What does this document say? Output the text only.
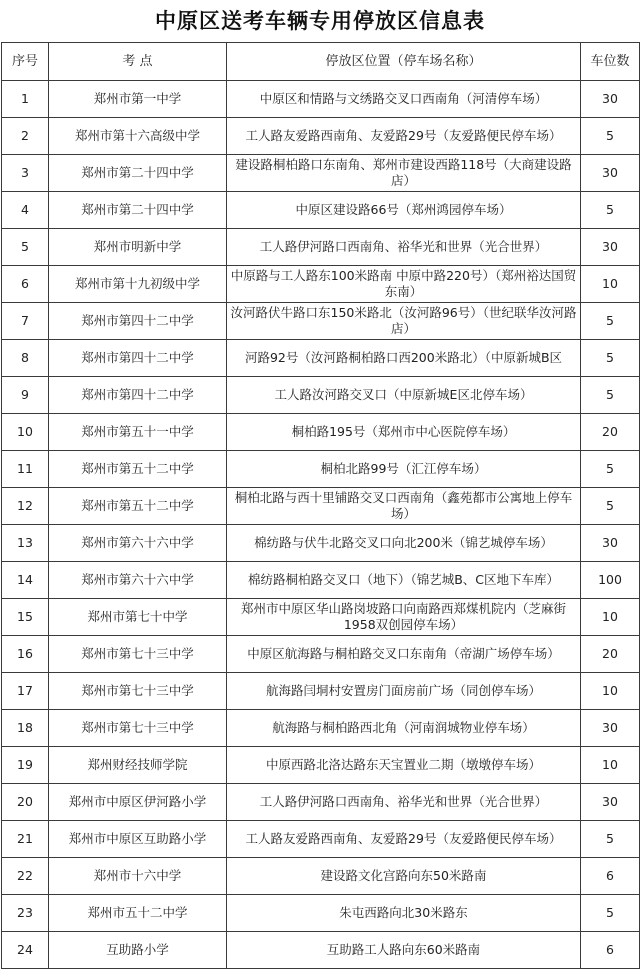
中原区送考车辆专用停放区信息表
序号	考 点	停放区位置（停车场名称）	车位数
1	郑州市第一中学	中原区和情路与文绣路交叉口西南角（河清停车场）	30
2	郑州市第十六高级中学	工人路友爱路西南角、友爱路29号（友爱路便民停车场）	5
3	郑州市第二十四中学	建设路桐柏路口东南角、郑州市建设西路118号（大商建设路店）	30
4	郑州市第二十四中学	中原区建设路66号（郑州鸿园停车场）	5
5	郑州市明新中学	工人路伊河路口西南角、裕华光和世界（光合世界）	30
6	郑州市第十九初级中学	中原路与工人路东100米路南 中原中路220号）（郑州裕达国贸东南）	10
7	郑州市第四十二中学	汝河路伏牛路口东150米路北（汝河路96号）（世纪联华汝河路店）	5
8	郑州市第四十二中学	河路92号（汝河路桐柏路口西200米路北）（中原新城B区	5
9	郑州市第四十二中学	工人路汝河路交叉口（中原新城E区北停车场）	5
10	郑州市第五十一中学	桐柏路195号（郑州市中心医院停车场）	20
11	郑州市第五十二中学	桐柏北路99号（汇江停车场）	5
12	郑州市第五十二中学	桐柏北路与西十里铺路交叉口西南角（鑫苑都市公寓地上停车场）	5
13	郑州市第六十六中学	棉纺路与伏牛北路交叉口向北200米（锦艺城停车场）	30
14	郑州市第六十六中学	棉纺路桐柏路交叉口（地下）（锦艺城B、C区地下车库）	100
15	郑州市第七十中学	郑州市中原区华山路岗坡路口向南路西郑煤机院内（芝麻街1958双创园停车场）	10
16	郑州市第七十三中学	中原区航海路与桐柏路交叉口东南角（帝湖广场停车场）	20
17	郑州市第七十三中学	航海路闫垌村安置房门面房前广场（同创停车场）	10
18	郑州市第七十三中学	航海路与桐柏路西北角（河南润城物业停车场）	30
19	郑州财经技师学院	中原西路北洛达路东天宝置业二期（墩墩停车场）	10
20	郑州市中原区伊河路小学	工人路伊河路口西南角、裕华光和世界（光合世界）	30
21	郑州市中原区互助路小学	工人路友爱路西南角、友爱路29号（友爱路便民停车场）	5
22	郑州市十六中学	建设路文化宫路向东50米路南	6
23	郑州市五十二中学	朱屯西路向北30米路东	5
24	互助路小学	互助路工人路向东60米路南	6
